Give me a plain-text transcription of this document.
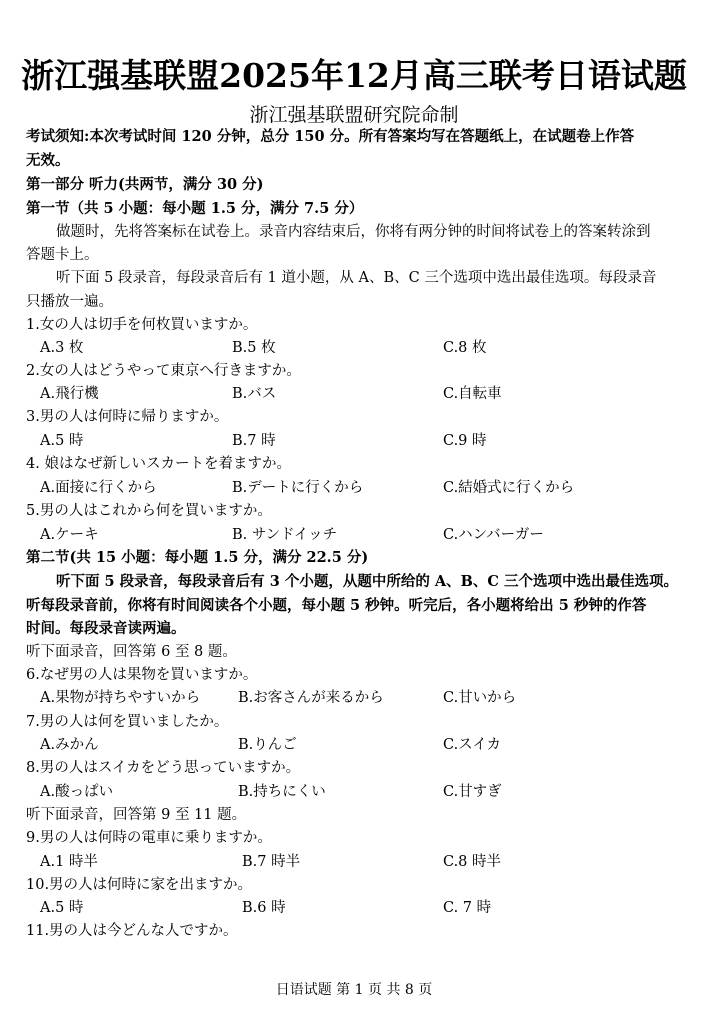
浙江强基联盟2025年12月高三联考日语试题
浙江强基联盟研究院命制
考试须知:本次考试时间 120 分钟，总分 150 分。所有答案均写在答题纸上，在试题卷上作答
无效。
第一部分 听力(共两节，满分 30 分)
第一节（共 5 小题：每小题 1.5 分，满分 7.5 分）
做题时，先将答案标在试卷上。录音内容结束后，你将有两分钟的时间将试卷上的答案转涂到
答题卡上。
听下面 5 段录音，每段录音后有 1 道小题，从 A、B、C 三个选项中选出最佳选项。每段录音
只播放一遍。
1.女の人は切手を何枚買いますか。
A.3 枚	B.5 枚	C.8 枚
2.女の人はどうやって東京へ行きますか。
A.飛行機	B.バス	C.自転車
3.男の人は何時に帰りますか。
A.5 時	B.7 時	C.9 時
4. 娘はなぜ新しいスカートを着ますか。
A.面接に行くから	B.デートに行くから	C.結婚式に行くから
5.男の人はこれから何を買いますか。
A.ケーキ	B. サンドイッチ	C.ハンバーガー
第二节(共 15 小题：每小题 1.5 分，满分 22.5 分)
听下面 5 段录音，每段录音后有 3 个小题，从题中所给的 A、B、C 三个选项中选出最佳选项。
听每段录音前，你将有时间阅读各个小题，每小题 5 秒钟。听完后，各小题将给出 5 秒钟的作答
时间。每段录音读两遍。
听下面录音，回答第 6 至 8 题。
6.なぜ男の人は果物を買いますか。
A.果物が持ちやすいから	B.お客さんが来るから	C.甘いから
7.男の人は何を買いましたか。
A.みかん	B.りんご	C.スイカ
8.男の人はスイカをどう思っていますか。
A.酸っぱい	B.持ちにくい	C.甘すぎ
听下面录音，回答第 9 至 11 题。
9.男の人は何時の電車に乗りますか。
A.1 時半	B.7 時半	C.8 時半
10.男の人は何時に家を出ますか。
A.5 時	B.6 時	C. 7 時
11.男の人は今どんな人ですか。
日语试题 第 1 页 共 8 页
